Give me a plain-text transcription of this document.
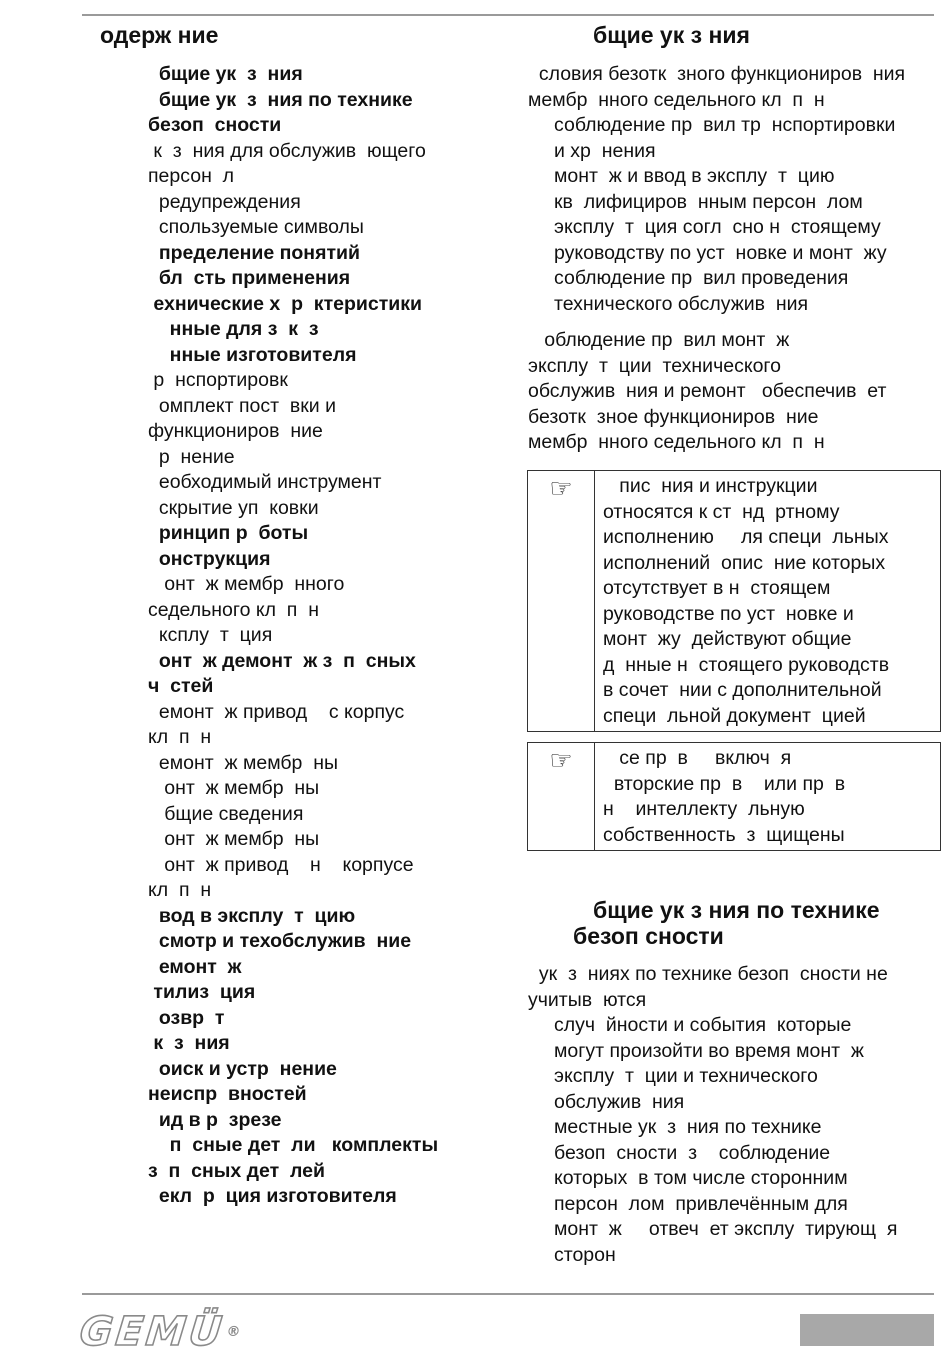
одерж ние
бщие ук  з  ния
бщие ук  з  ния по технике
безоп  сности
к  з  ния для обслужив  ющего
персон  л
редупреждения
спользуемые символы
пределение понятий
бл  сть применения
ехнические х  р  ктеристики
нные для з  к  з
нные изготовителя
р  нспортировк
омплект пост  вки и
функциониров  ние
р  нение
еобходимый инструмент
скрытие уп  ковки
ринцип р  боты
онструкция
онт  ж мембр  нного
седельного кл  п  н
ксплу  т  ция
онт  ж демонт  ж з  п  сных
ч  стей
емонт  ж привод    с корпус
кл  п  н
емонт  ж мембр  ны
онт  ж мембр  ны
бщие сведения
онт  ж мембр  ны
онт  ж привод    н    корпусе
кл  п  н
вод в эксплу  т  цию
смотр и техобслужив  ние
емонт  ж
тилиз  ция
озвр  т
к  з  ния
оиск и устр  нение
неиспр  вностей
ид в р  зрезе
п  сные дет  ли   комплекты
з  п  сных дет  лей
екл  р  ция изготовителя
бщие ук з ния

словия безотк  зного функциониров  ния
мембр  нного седельного кл  п  н

соблюдение пр  вил тр  нспортировки
и хр  нения
монт  ж и ввод в эксплу  т  цию
кв  лифициров  нным персон  лом
эксплу  т  ция согл  сно н  стоящему
руководству по уст  новке и монт  жу
соблюдение пр  вил проведения
технического обслужив  ния

облюдение пр  вил монт  ж
эксплу  т  ции  технического
обслужив  ния и ремонт   обеспечив  ет
безотк  зное функциониров  ние
мембр  нного седельного кл  п  н

☞	пис  ния и инструкции
относятся к ст  нд  ртному
исполнению     ля специ  льных
исполнений  опис  ние которых
отсутствует в н  стоящем
руководстве по уст  новке и
монт  жу  действуют общие
д  нные н  стоящего руководств
в сочет  нии с дополнительной
специ  льной документ  цией
☞	се пр  в     включ  я
вторские пр  в    или пр  в
н    интеллекту  льную
собственность  з  щищены
бщие ук з ния по технике
безоп сности

ук  з  ниях по технике безоп  сности не
учитыв  ются

случ  йности и события  которые
могут произойти во время монт  ж
эксплу  т  ции и технического
обслужив  ния
местные ук  з  ния по технике
безоп  сности  з    соблюдение
которых  в том числе сторонним
персон  лом  привлечённым для
монт  ж     отвеч  ет эксплу  тирующ  я
сторон
GEMÜ®
